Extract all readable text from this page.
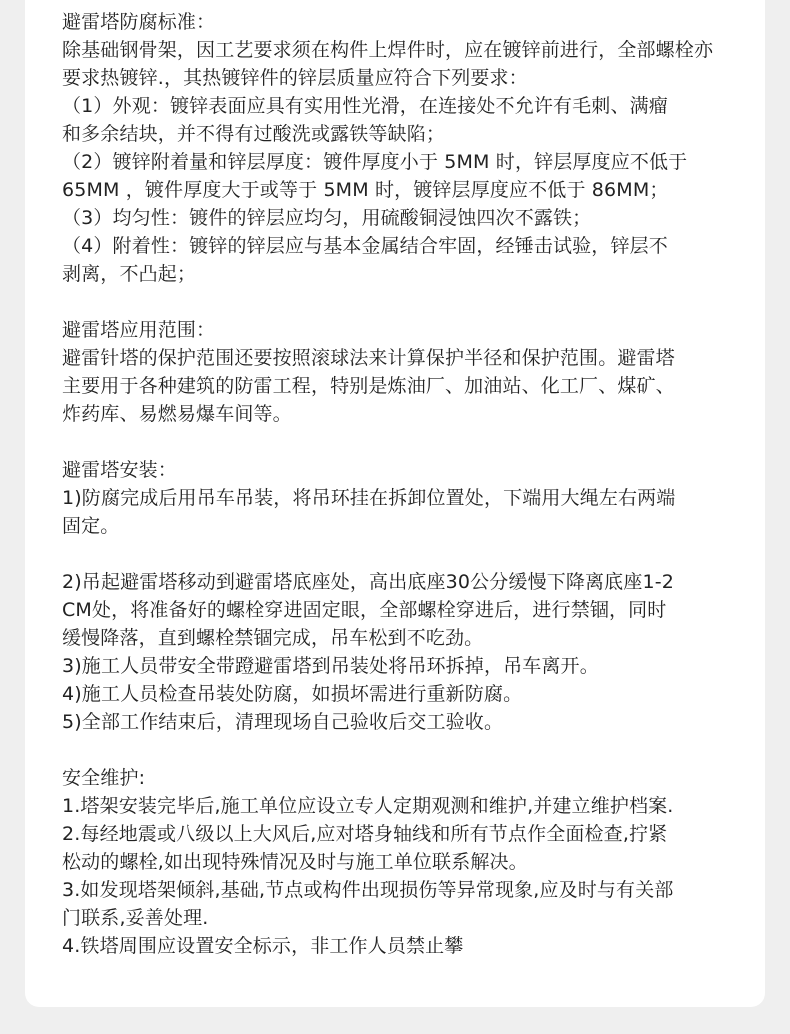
避雷塔防腐标准：
除基础钢骨架，因工艺要求须在构件上焊件时，应在镀锌前进行，全部螺栓亦
要求热镀锌.，其热镀锌件的锌层质量应符合下列要求：
（1）外观：镀锌表面应具有实用性光滑，在连接处不允许有毛刺、满瘤
和多余结块，并不得有过酸洗或露铁等缺陷；
（2）镀锌附着量和锌层厚度：镀件厚度小于 5MM 时，锌层厚度应不低于
65MM ，镀件厚度大于或等于 5MM 时，镀锌层厚度应不低于 86MM；
（3）均匀性：镀件的锌层应均匀，用硫酸铜浸蚀四次不露铁；
（4）附着性：镀锌的锌层应与基本金属结合牢固，经锤击试验，锌层不
剥离，不凸起；
避雷塔应用范围：
避雷针塔的保护范围还要按照滚球法来计算保护半径和保护范围。避雷塔
主要用于各种建筑的防雷工程，特别是炼油厂、加油站、化工厂、煤矿、
炸药库、易燃易爆车间等。
避雷塔安装：
1)防腐完成后用吊车吊装，将吊环挂在拆卸位置处，下端用大绳左右两端
固定。
2)吊起避雷塔移动到避雷塔底座处，高出底座30公分缓慢下降离底座1-2
CM处，将准备好的螺栓穿进固定眼，全部螺栓穿进后，进行禁锢，同时
缓慢降落，直到螺栓禁锢完成，吊车松到不吃劲。
3)施工人员带安全带蹬避雷塔到吊装处将吊环拆掉，吊车离开。
4)施工人员检查吊装处防腐，如损坏需进行重新防腐。
5)全部工作结束后，清理现场自己验收后交工验收。
安全维护:
1.塔架安装完毕后,施工单位应设立专人定期观测和维护,并建立维护档案.
2.每经地震或八级以上大风后,应对塔身轴线和所有节点作全面检查,拧紧
松动的螺栓,如出现特殊情况及时与施工单位联系解决。
3.如发现塔架倾斜,基础,节点或构件出现损伤等异常现象,应及时与有关部
门联系,妥善处理.
4.铁塔周围应设置安全标示，非工作人员禁止攀
